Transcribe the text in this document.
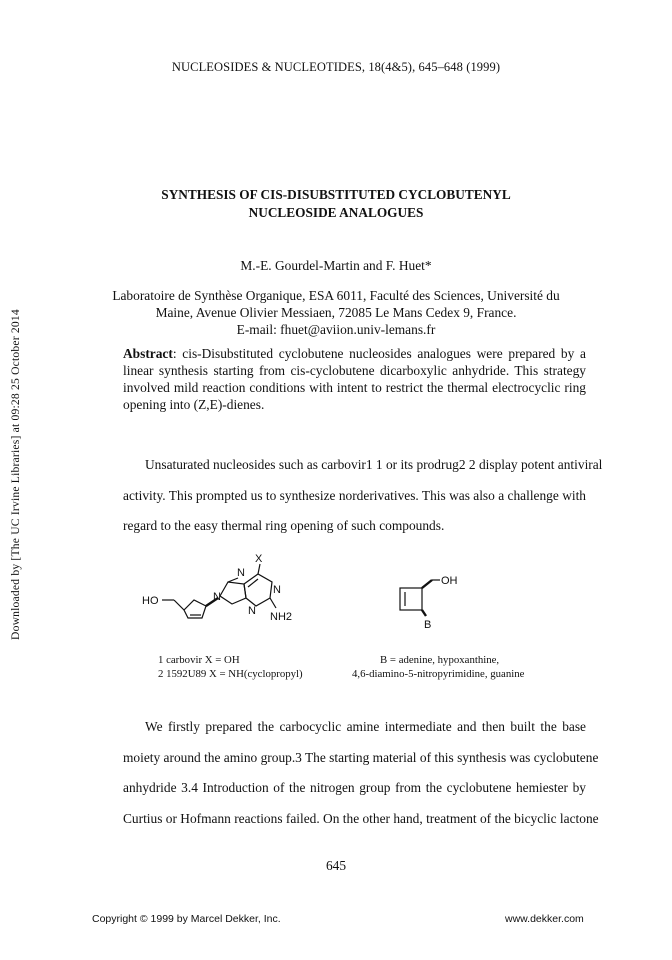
NUCLEOSIDES & NUCLEOTIDES, 18(4&5), 645–648 (1999)
Downloaded by [The UC Irvine Libraries] at 09:28 25 October 2014
SYNTHESIS OF CIS-DISUBSTITUTED CYCLOBUTENYL
NUCLEOSIDE ANALOGUES
M.-E. Gourdel-Martin and F. Huet*
Laboratoire de Synthèse Organique, ESA 6011, Faculté des Sciences, Université du
Maine, Avenue Olivier Messiaen, 72085 Le Mans Cedex 9, France.
E-mail: fhuet@aviion.univ-lemans.fr
Abstract: cis-Disubstituted cyclobutene nucleosides analogues were prepared by a linear synthesis starting from cis-cyclobutene dicarboxylic anhydride. This strategy involved mild reaction conditions with intent to restrict the thermal electrocyclic ring opening into (Z,E)-dienes.
Unsaturated nucleosides such as carbovir1 1 or its prodrug2 2 display potent antiviral
activity. This prompted us to synthesize norderivatives. This was also a challenge with
regard to the easy thermal ring opening of such compounds.
HO
N
N
N
N
X
NH2
OH
B
1 carbovir X = OH
2 1592U89 X = NH(cyclopropyl)
B = adenine, hypoxanthine,
4,6-diamino-5-nitropyrimidine, guanine
We firstly prepared the carbocyclic amine intermediate and then built the base
moiety around the amino group.3 The starting material of this synthesis was cyclobutene
anhydride 3.4 Introduction of the nitrogen group from the cyclobutene hemiester by
Curtius or Hofmann reactions failed. On the other hand, treatment of the bicyclic lactone
645
Copyright © 1999 by Marcel Dekker, Inc.	www.dekker.com
